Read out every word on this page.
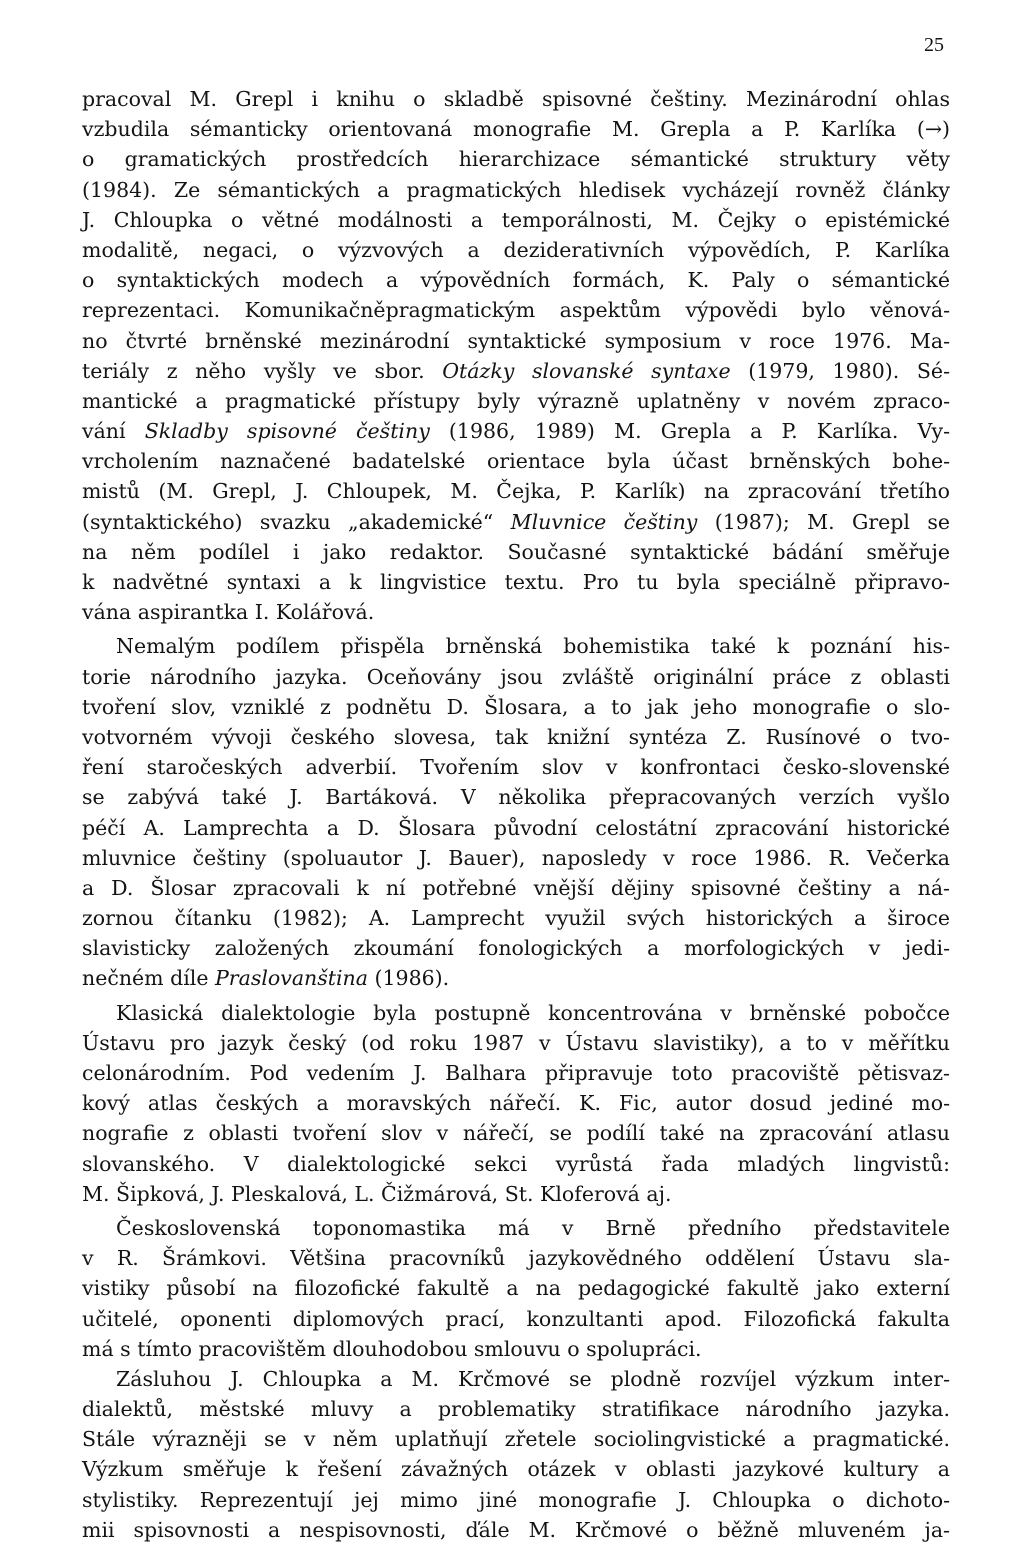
25
pracoval M. Grepl i knihu o skladbě spisovné češtiny. Mezinárodní ohlas
vzbudila sémanticky orientovaná monografie M. Grepla a P. Karlíka (→)
o gramatických prostředcích hierarchizace sémantické struktury věty
(1984). Ze sémantických a pragmatických hledisek vycházejí rovněž články
J. Chloupka o větné modálnosti a temporálnosti, M. Čejky o epistémické
modalitě, negaci, o výzvových a deziderativních výpovědích, P. Karlíka
o syntaktických modech a výpovědních formách, K. Paly o sémantické
reprezentaci. Komunikačněpragmatickým aspektům výpovědi bylo věnová-
no čtvrté brněnské mezinárodní syntaktické symposium v roce 1976. Ma-
teriály z něho vyšly ve sbor. Otázky slovanské syntaxe (1979, 1980). Sé-
mantické a pragmatické přístupy byly výrazně uplatněny v novém zpraco-
vání Skladby spisovné češtiny (1986, 1989) M. Grepla a P. Karlíka. Vy-
vrcholením naznačené badatelské orientace byla účast brněnských bohe-
mistů (M. Grepl, J. Chloupek, M. Čejka, P. Karlík) na zpracování třetího
(syntaktického) svazku „akademické“ Mluvnice češtiny (1987); M. Grepl se
na něm podílel i jako redaktor. Současné syntaktické bádání směřuje
k nadvětné syntaxi a k lingvistice textu. Pro tu byla speciálně připravo-
vána aspirantka I. Kolářová.
Nemalým podílem přispěla brněnská bohemistika také k poznání his-
torie národního jazyka. Oceňovány jsou zvláště originální práce z oblasti
tvoření slov, vzniklé z podnětu D. Šlosara, a to jak jeho monografie o slo-
votvorném vývoji českého slovesa, tak knižní syntéza Z. Rusínové o tvo-
ření staročeských adverbií. Tvořením slov v konfrontaci česko-slovenské
se zabývá také J. Bartáková. V několika přepracovaných verzích vyšlo
péčí A. Lamprechta a D. Šlosara původní celostátní zpracování historické
mluvnice češtiny (spoluautor J. Bauer), naposledy v roce 1986. R. Večerka
a D. Šlosar zpracovali k ní potřebné vnější dějiny spisovné češtiny a ná-
zornou čítanku (1982); A. Lamprecht využil svých historických a široce
slavisticky založených zkoumání fonologických a morfologických v jedi-
nečném díle Praslovanština (1986).
Klasická dialektologie byla postupně koncentrována v brněnské pobočce
Ústavu pro jazyk český (od roku 1987 v Ústavu slavistiky), a to v měřítku
celonárodním. Pod vedením J. Balhara připravuje toto pracoviště pětisvaz-
kový atlas českých a moravských nářečí. K. Fic, autor dosud jediné mo-
nografie z oblasti tvoření slov v nářečí, se podílí také na zpracování atlasu
slovanského. V dialektologické sekci vyrůstá řada mladých lingvistů:
M. Šipková, J. Pleskalová, L. Čižmárová, St. Kloferová aj.
Československá toponomastika má v Brně předního představitele
v R. Šrámkovi. Většina pracovníků jazykovědného oddělení Ústavu sla-
vistiky působí na filozofické fakultě a na pedagogické fakultě jako externí
učitelé, oponenti diplomových prací, konzultanti apod. Filozofická fakulta
má s tímto pracovištěm dlouhodobou smlouvu o spolupráci.
Zásluhou J. Chloupka a M. Krčmové se plodně rozvíjel výzkum inter-
dialektů, městské mluvy a problematiky stratifikace národního jazyka.
Stále výrazněji se v něm uplatňují zřetele sociolingvistické a pragmatické.
Výzkum směřuje k řešení závažných otázek v oblasti jazykové kultury a
stylistiky. Reprezentují jej mimo jiné monografie J. Chloupka o dichoto-
mii spisovnosti a nespisovnosti, ďále M. Krčmové o běžně mluveném ja-
